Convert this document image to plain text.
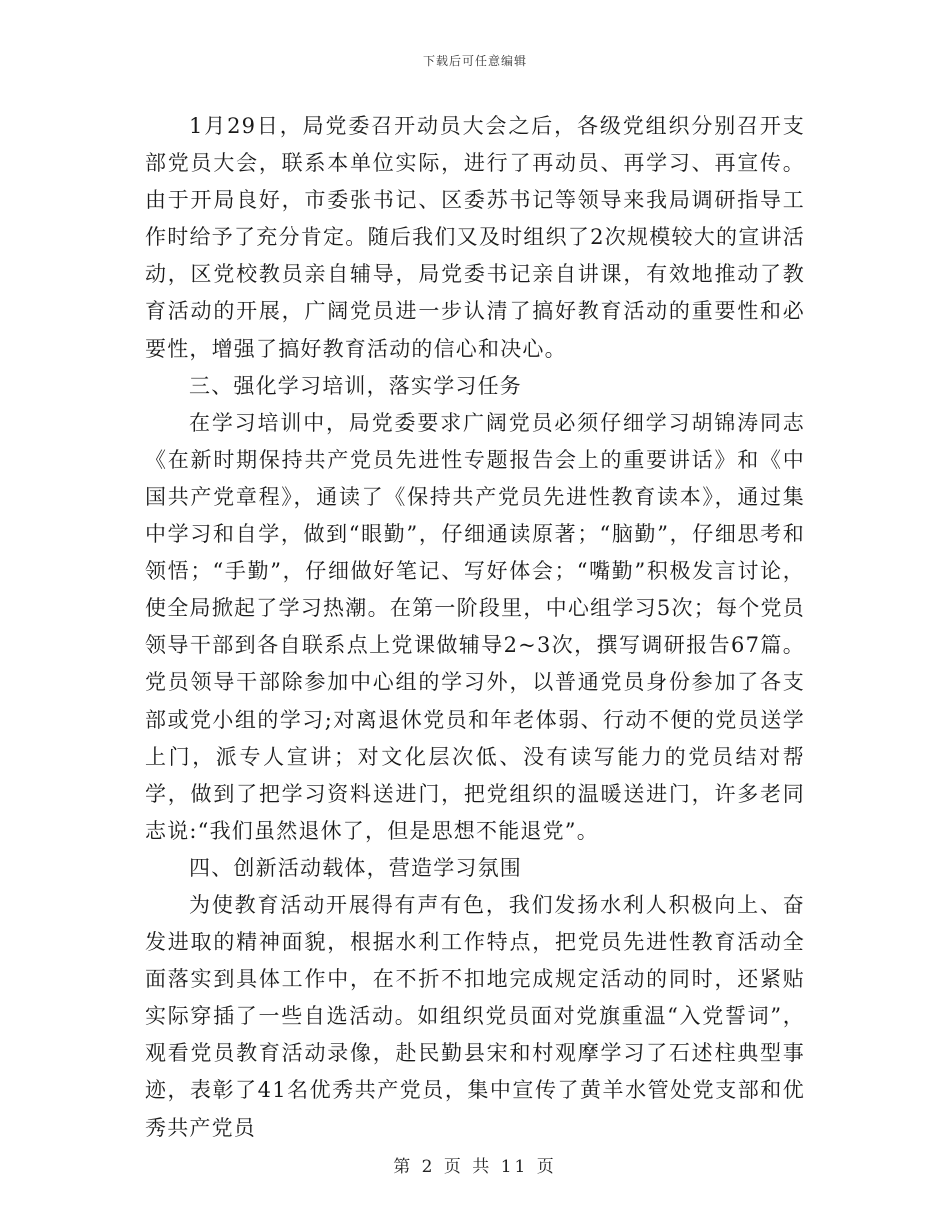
下载后可任意编辑

1月29日，局党委召开动员大会之后，各级党组织分别召开支部党员大会，联系本单位实际，进行了再动员、再学习、再宣传。由于开局良好，市委张书记、区委苏书记等领导来我局调研指导工作时给予了充分肯定。随后我们又及时组织了2次规模较大的宣讲活动，区党校教员亲自辅导，局党委书记亲自讲课，有效地推动了教育活动的开展，广阔党员进一步认清了搞好教育活动的重要性和必要性，增强了搞好教育活动的信心和决心。

三、强化学习培训，落实学习任务

在学习培训中，局党委要求广阔党员必须仔细学习胡锦涛同志《在新时期保持共产党员先进性专题报告会上的重要讲话》和《中国共产党章程》，通读了《保持共产党员先进性教育读本》，通过集中学习和自学，做到“眼勤”，仔细通读原著；“脑勤”，仔细思考和领悟；“手勤”，仔细做好笔记、写好体会；“嘴勤”积极发言讨论，使全局掀起了学习热潮。在第一阶段里，中心组学习5次；每个党员领导干部到各自联系点上党课做辅导2~3次，撰写调研报告67篇。党员领导干部除参加中心组的学习外，以普通党员身份参加了各支部或党小组的学习;对离退休党员和年老体弱、行动不便的党员送学上门，派专人宣讲；对文化层次低、没有读写能力的党员结对帮学，做到了把学习资料送进门，把党组织的温暖送进门，许多老同志说:“我们虽然退休了，但是思想不能退党”。

四、创新活动载体，营造学习氛围

为使教育活动开展得有声有色，我们发扬水利人积极向上、奋发进取的精神面貌，根据水利工作特点，把党员先进性教育活动全面落实到具体工作中，在不折不扣地完成规定活动的同时，还紧贴实际穿插了一些自选活动。如组织党员面对党旗重温“入党誓词”，观看党员教育活动录像，赴民勤县宋和村观摩学习了石述柱典型事迹，表彰了41名优秀共产党员，集中宣传了黄羊水管处党支部和优秀共产党员

第 2 页 共 11 页
